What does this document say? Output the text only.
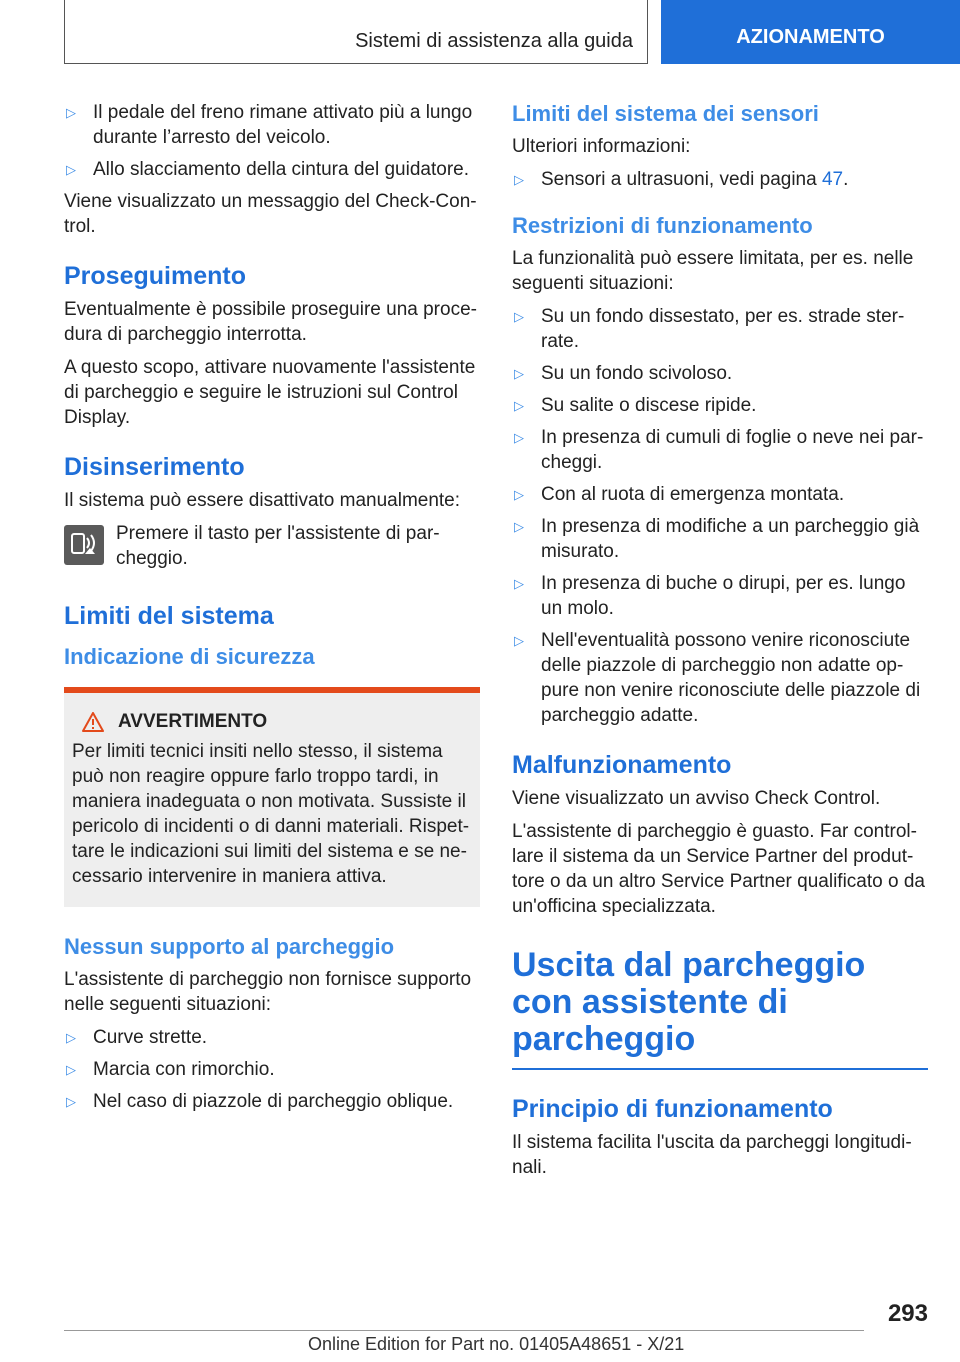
Sistemi di assistenza alla guida	AZIONAMENTO
▷ Il pedale del freno rimane attivato più a lungo durante l’arresto del veicolo.
▷ Allo slacciamento della cintura del guidatore.

Viene visualizzato un messaggio del Check-Con-trol.

Proseguimento

Eventualmente è possibile proseguire una proce-dura di parcheggio interrotta.

A questo scopo, attivare nuovamente l'assistente di parcheggio e seguire le istruzioni sul Control Display.

Disinserimento

Il sistema può essere disattivato manualmente:

Premere il tasto per l'assistente di par-cheggio.

Limiti del sistema
Indicazione di sicurezza
AVVERTIMENTO

Per limiti tecnici insiti nello stesso, il sistema può non reagire oppure farlo troppo tardi, in maniera inadeguata o non motivata. Sussiste il pericolo di incidenti o di danni materiali. Rispet-tare le indicazioni sui limiti del sistema e se ne-cessario intervenire in maniera attiva.

Nessun supporto al parcheggio

L'assistente di parcheggio non fornisce supporto nelle seguenti situazioni:

▷ Curve strette.
▷ Marcia con rimorchio.
▷ Nel caso di piazzole di parcheggio oblique.
Limiti del sistema dei sensori

Ulteriori informazioni:

▷ Sensori a ultrasuoni, vedi pagina 47.
Restrizioni di funzionamento

La funzionalità può essere limitata, per es. nelle seguenti situazioni:

▷ Su un fondo dissestato, per es. strade ster-rate.
▷ Su un fondo scivoloso.
▷ Su salite o discese ripide.
▷ In presenza di cumuli di foglie o neve nei par-cheggi.
▷ Con al ruota di emergenza montata.
▷ In presenza di modifiche a un parcheggio già misurato.
▷ In presenza di buche o dirupi, per es. lungo un molo.
▷ Nell'eventualità possono venire riconosciute delle piazzole di parcheggio non adatte op-pure non venire riconosciute delle piazzole di parcheggio adatte.
Malfunzionamento

Viene visualizzato un avviso Check Control.

L'assistente di parcheggio è guasto. Far control-lare il sistema da un Service Partner del produt-tore o da un altro Service Partner qualificato o da un'officina specializzata.

Uscita dal parcheggio con assistente di parcheggio
Principio di funzionamento

Il sistema facilita l'uscita da parcheggi longitudi-nali.

293
Online Edition for Part no. 01405A48651 - X/21
